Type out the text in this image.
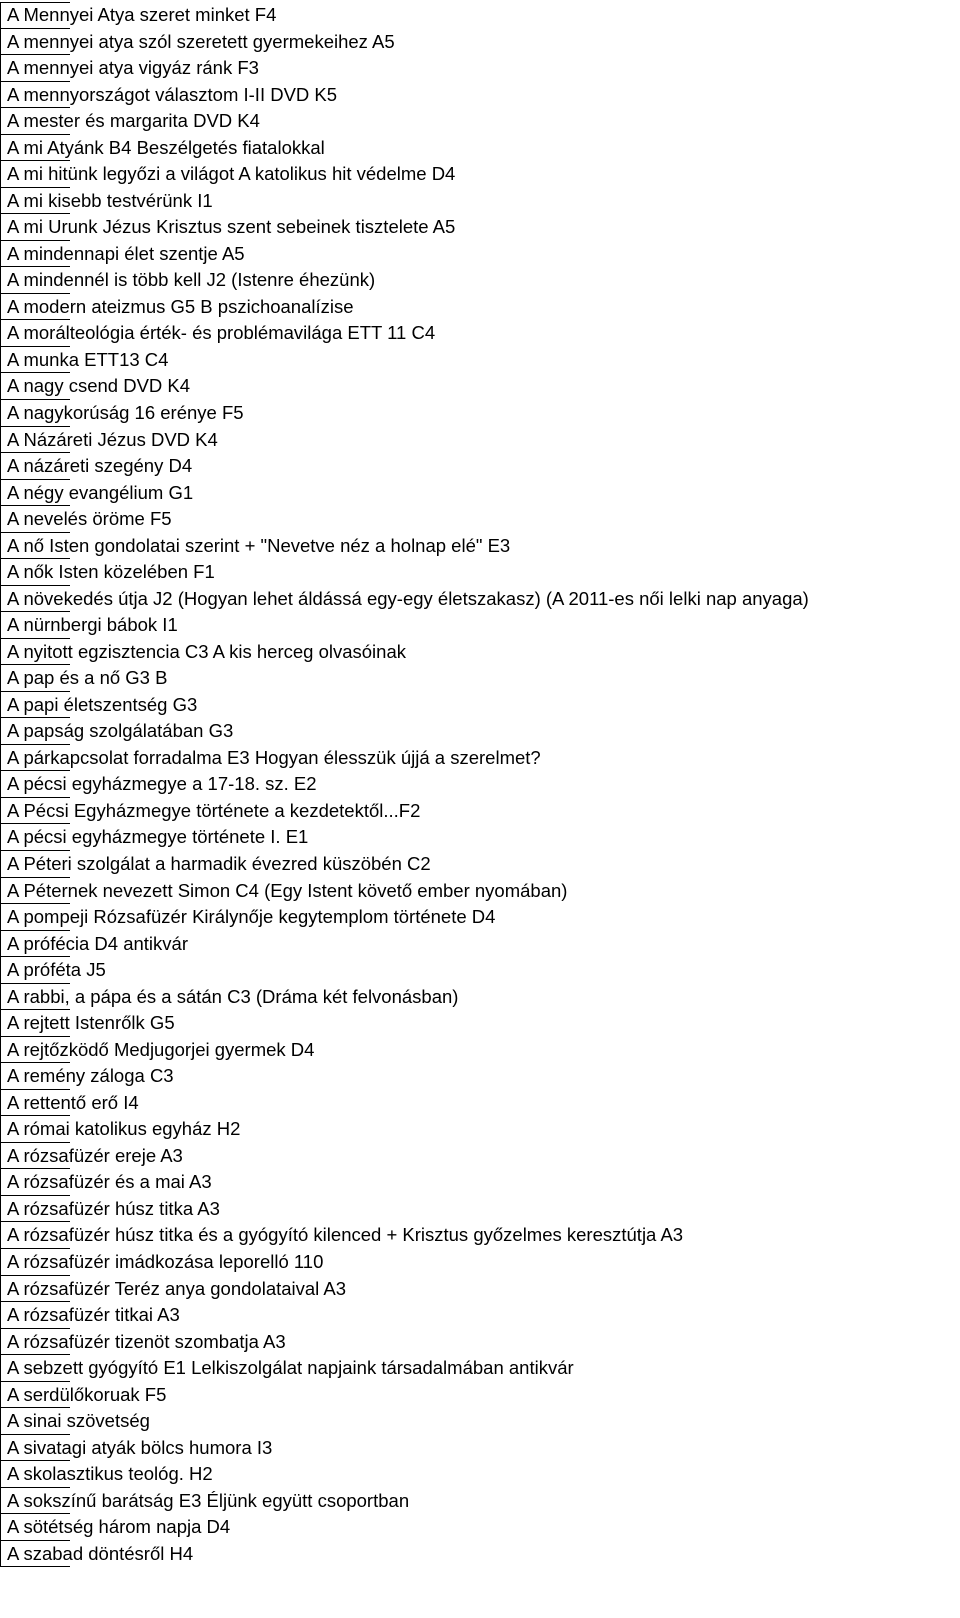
A Mennyei Atya szeret minket F4
A mennyei atya szól szeretett gyermekeihez A5
A mennyei atya vigyáz ránk F3
A mennyországot választom I-II DVD K5
A mester és margarita DVD K4
A mi Atyánk B4 Beszélgetés fiatalokkal
A mi hitünk legyőzi a világot A katolikus hit védelme D4
A mi kisebb testvérünk I1
A mi Urunk Jézus Krisztus szent sebeinek tisztelete A5
A mindennapi élet szentje A5
A mindennél is több kell J2 (Istenre éhezünk)
A modern ateizmus G5 B pszichoanalízise
A morálteológia érték- és problémavilága ETT 11 C4
A munka ETT13 C4
A nagy csend DVD K4
A nagykorúság 16 erénye F5
A Názáreti Jézus DVD K4
A názáreti szegény D4
A négy evangélium G1
A nevelés öröme F5
A nő Isten gondolatai szerint + "Nevetve néz a holnap elé" E3
A nők Isten közelében F1
A növekedés útja J2 (Hogyan lehet áldássá egy-egy életszakasz) (A 2011-es női lelki nap anyaga)
A nürnbergi bábok I1
A nyitott egzisztencia C3 A kis herceg olvasóinak
A pap és a nő G3 B
A papi életszentség G3
A papság szolgálatában G3
A párkapcsolat forradalma E3 Hogyan élesszük újjá a szerelmet?
A pécsi egyházmegye a 17-18. sz. E2
A Pécsi Egyházmegye története a kezdetektől...F2
A pécsi egyházmegye története I. E1
A Péteri szolgálat a harmadik évezred küszöbén C2
A Péternek nevezett Simon C4 (Egy Istent követő ember nyomában)
A pompeji Rózsafüzér Királynője kegytemplom története D4
A prófécia D4 antikvár
A próféta J5
A rabbi, a pápa és a sátán C3 (Dráma két felvonásban)
A rejtett Istenrőlk G5
A rejtőzködő Medjugorjei gyermek D4
A remény záloga C3
A rettentő erő I4
A római katolikus egyház H2
A rózsafüzér ereje A3
A rózsafüzér és a mai A3
A rózsafüzér húsz titka A3
A rózsafüzér húsz titka és a gyógyító kilenced + Krisztus győzelmes keresztútja A3
A rózsafüzér imádkozása leporelló 110
A rózsafüzér Teréz anya gondolataival A3
A rózsafüzér titkai A3
A rózsafüzér tizenöt szombatja A3
A sebzett gyógyító E1 Lelkiszolgálat napjaink társadalmában antikvár
A serdülőkoruak F5
A sinai szövetség
A sivatagi atyák bölcs humora I3
A skolasztikus teológ. H2
A sokszínű barátság E3 Éljünk együtt csoportban
A sötétség három napja D4
A szabad döntésről H4
